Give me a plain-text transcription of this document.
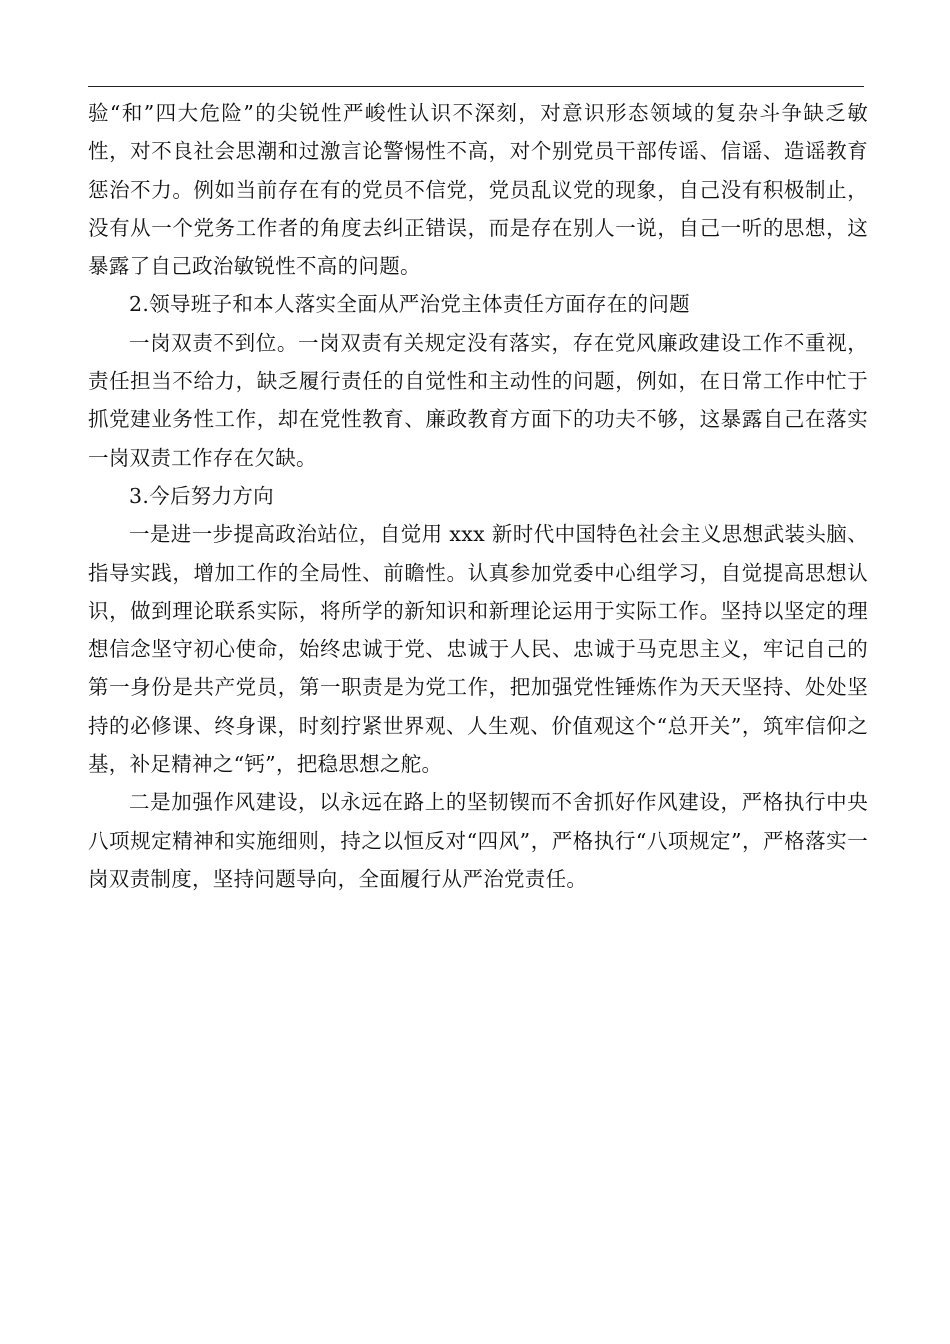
验“和”四大危险”的尖锐性严峻性认识不深刻，对意识形态领域的复杂斗争缺乏敏性，对不良社会思潮和过激言论警惕性不高，对个别党员干部传谣、信谣、造谣教育惩治不力。例如当前存在有的党员不信党，党员乱议党的现象，自己没有积极制止，没有从一个党务工作者的角度去纠正错误，而是存在别人一说，自己一听的思想，这暴露了自己政治敏锐性不高的问题。

2.领导班子和本人落实全面从严治党主体责任方面存在的问题

一岗双责不到位。一岗双责有关规定没有落实，存在党风廉政建设工作不重视，责任担当不给力，缺乏履行责任的自觉性和主动性的问题，例如，在日常工作中忙于抓党建业务性工作，却在党性教育、廉政教育方面下的功夫不够，这暴露自己在落实一岗双责工作存在欠缺。

3.今后努力方向

一是进一步提高政治站位，自觉用 xxx 新时代中国特色社会主义思想武装头脑、指导实践，增加工作的全局性、前瞻性。认真参加党委中心组学习，自觉提高思想认识，做到理论联系实际，将所学的新知识和新理论运用于实际工作。坚持以坚定的理想信念坚守初心使命，始终忠诚于党、忠诚于人民、忠诚于马克思主义，牢记自己的第一身份是共产党员，第一职责是为党工作，把加强党性锤炼作为天天坚持、处处坚持的必修课、终身课，时刻拧紧世界观、人生观、价值观这个“总开关”，筑牢信仰之基，补足精神之“钙”，把稳思想之舵。

二是加强作风建设，以永远在路上的坚韧锲而不舍抓好作风建设，严格执行中央八项规定精神和实施细则，持之以恒反对“四风”，严格执行“八项规定”，严格落实一岗双责制度，坚持问题导向，全面履行从严治党责任。
